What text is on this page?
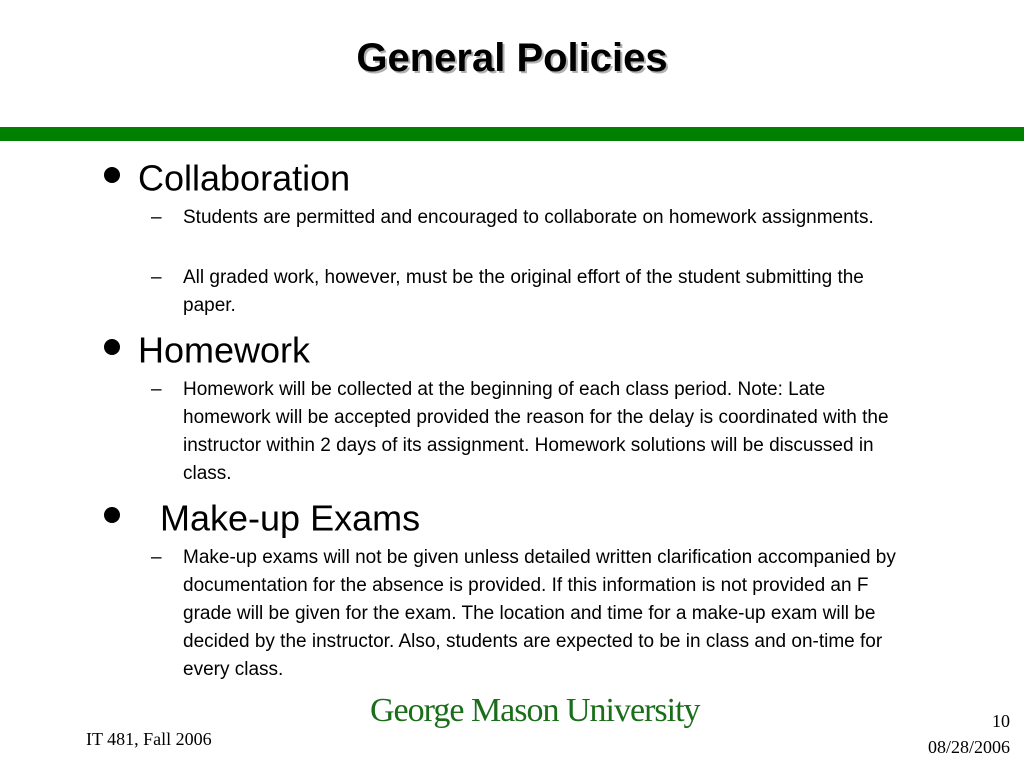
General Policies
Collaboration
– Students are permitted and encouraged to collaborate on homework assignments.
– All graded work, however, must be the original effort of the student submitting the paper.
Homework
– Homework will be collected at the beginning of each class period. Note: Late homework will be accepted provided the reason for the delay is coordinated with the instructor within 2 days of its assignment. Homework solutions will be discussed in class.
Make-up Exams
– Make-up exams will not be given unless detailed written clarification accompanied by documentation for the absence is provided. If this information is not provided an F grade will be given for the exam. The location and time for a make-up exam will be decided by the instructor. Also, students are expected to be in class and on-time for every class.
IT 481, Fall 2006
George Mason University	10
08/28/2006
